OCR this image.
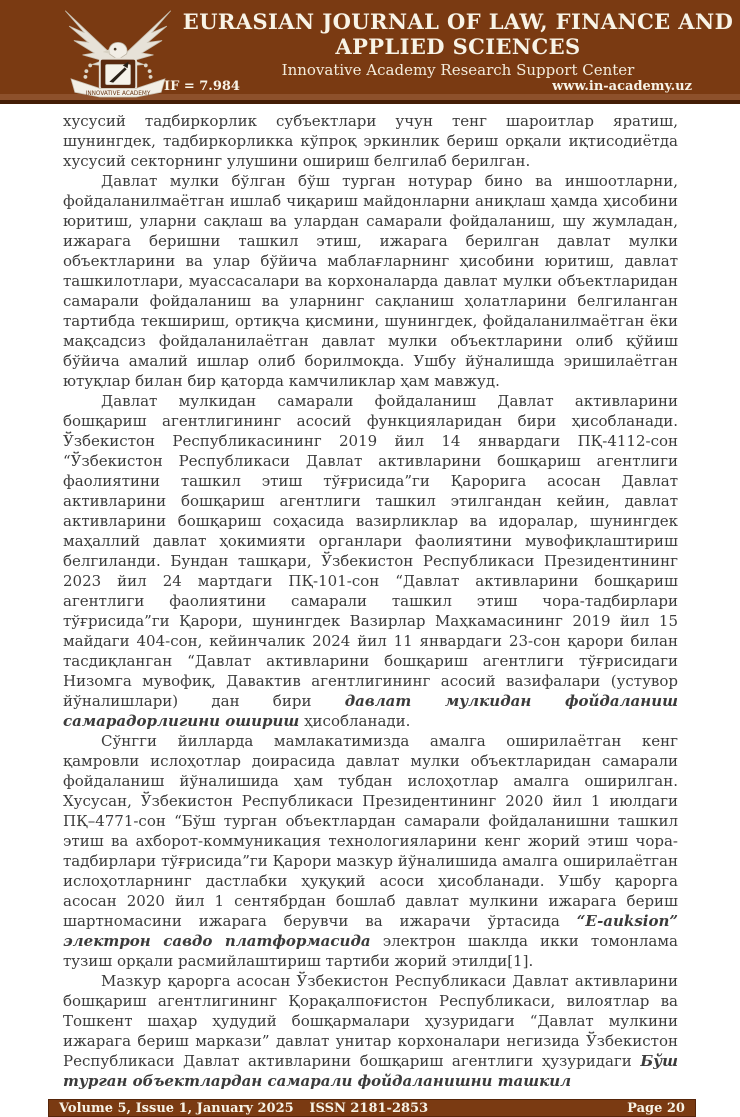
INNOVATIVE ACADEMY
EURASIAN JOURNAL OF LAW, FINANCE AND
APPLIED SCIENCES
Innovative Academy Research Support Center
IF = 7.984	www.in-academy.uz

хусусий тадбиркорлик субъектлари учун тенг шароитлар яратиш, шунингдек, тадбиркорликка кўпроқ эркинлик бериш орқали иқтисодиётда хусусий секторнинг улушини ошириш белгилаб берилган.

Давлат мулки бўлган бўш турган нотурар бино ва иншоотларни, фойдаланилмаётган ишлаб чиқариш майдонларни аниқлаш ҳамда ҳисобини юритиш, уларни сақлаш ва улардан самарали фойдаланиш, шу жумладан, ижарага беришни ташкил этиш, ижарага берилган давлат мулки объектларини ва улар бўйича маблағларнинг ҳисобини юритиш, давлат ташкилотлари, муассасалари ва корхоналарда давлат мулки объектларидан самарали фойдаланиш ва уларнинг сақланиш ҳолатларини белгиланган тартибда текшириш, ортиқча қисмини, шунингдек, фойдаланилмаётган ёки мақсадсиз фойдаланилаётган давлат мулки объектларини олиб қўйиш бўйича амалий ишлар олиб борилмоқда. Ушбу йўналишда эришилаётган ютуқлар билан бир қаторда камчиликлар ҳам мавжуд.

Давлат мулкидан самарали фойдаланиш Давлат активларини бошқариш агентлигининг асосий функцияларидан бири ҳисобланади. Ўзбекистон Республикасининг 2019 йил 14 январдаги ПҚ-4112-сон “Ўзбекистон Республикаси Давлат активларини бошқариш агентлиги фаолиятини ташкил этиш тўғрисида”ги Қарорига асосан Давлат активларини бошқариш агентлиги ташкил этилгандан кейин, давлат активларини бошқариш соҳасида вазирликлар ва идоралар, шунингдек маҳаллий давлат ҳокимияти органлари фаолиятини мувофиқлаштириш белгиланди. Бундан ташқари, Ўзбекистон Республикаси Президентининг 2023 йил 24 мартдаги ПҚ-101-сон “Давлат активларини бошқариш агентлиги фаолиятини самарали ташкил этиш чора-тадбирлари тўғрисида”ги Қарори, шунингдек Вазирлар Маҳкамасининг 2019 йил 15 майдаги 404-сон, кейинчалик 2024 йил 11 январдаги 23-сон қарори билан тасдиқланган “Давлат активларини бошқариш агентлиги тўғрисидаги Низомга мувофиқ, Давактив агентлигининг асосий вазифалари (устувор йўналишлари) дан бири давлат мулкидан фойдаланиш самарадорлигини ошириш ҳисобланади.

Сўнгги йилларда мамлакатимизда амалга оширилаётган кенг қамровли ислоҳотлар доирасида давлат мулки объектларидан самарали фойдаланиш йўналишида ҳам тубдан ислоҳотлар амалга оширилган. Хусусан, Ўзбекистон Республикаси Президентининг 2020 йил 1 июлдаги ПҚ–4771-сон “Бўш турган объектлардан самарали фойдаланишни ташкил этиш ва ахборот-коммуникация технологияларини кенг жорий этиш чора-тадбирлари тўғрисида”ги Қарори мазкур йўналишида амалга оширилаётган ислоҳотларнинг дастлабки ҳуқуқий асоси ҳисобланади. Ушбу қарорга асосан 2020 йил 1 сентябрдан бошлаб давлат мулкини ижарага бериш шартномасини ижарага берувчи ва ижарачи ўртасида “E-auksion” электрон савдо платформасида электрон шаклда икки томонлама тузиш орқали расмийлаштириш тартиби жорий этилди[1].

Мазкур қарорга асосан Ўзбекистон Республикаси Давлат активларини бошқариш агентлигининг Қорақалпоғистон Республикаси, вилоятлар ва Тошкент шаҳар ҳудудий бошқармалари ҳузуридаги “Давлат мулкини ижарага бериш маркази” давлат унитар корхоналари негизида Ўзбекистон Республикаси Давлат активларини бошқариш агентлиги ҳузуридаги Бўш турган объектлардан самарали фойдаланишни ташкил

Volume 5, Issue 1, January 2025	ISSN 2181-2853	Page 20
